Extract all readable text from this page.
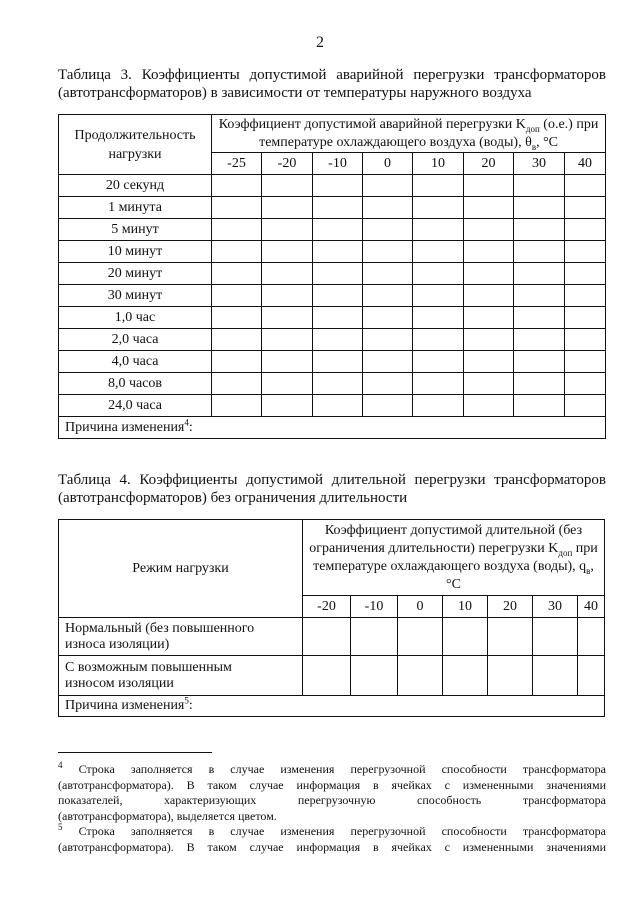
2
Таблица 3. Коэффициенты допустимой аварийной перегрузки трансформаторов
(автотрансформаторов) в зависимости от температуры наружного воздуха
Продолжительность нагрузки	Коэффициент допустимой аварийной перегрузки $K_{доп}$ (о.е.) при температуре охлаждающего воздуха (воды), $\theta_в$, °С							
	-25	-20	-10	0	10	20	30	40
20 секунд								
1 минута								
5 минут								
10 минут								
20 минут								
30 минут								
1,0 час								
2,0 часа								
4,0 часа								
8,0 часов								
24,0 часа								
Причина изменения$^4$:								
Таблица 4. Коэффициенты допустимой длительной перегрузки трансформаторов
(автотрансформаторов) без ограничения длительности
Режим нагрузки	Коэффициент допустимой длительной (без ограничения длительности) перегрузки $K_{доп}$ при температуре охлаждающего воздуха (воды), $q_в$, °С						
	-20	-10	0	10	20	30	40
Нормальный (без повышенного износа изоляции)							
С возможным повышенным износом изоляции							
Причина изменения$^5$:							
$^4$ Строка заполняется в случае изменения перегрузочной способности трансформатора
(автотрансформатора). В таком случае информация в ячейках с измененными значениями
показателей, характеризующих перегрузочную способность трансформатора
(автотрансформатора), выделяется цветом.
$^5$ Строка заполняется в случае изменения перегрузочной способности трансформатора
(автотрансформатора). В таком случае информация в ячейках с измененными значениями
